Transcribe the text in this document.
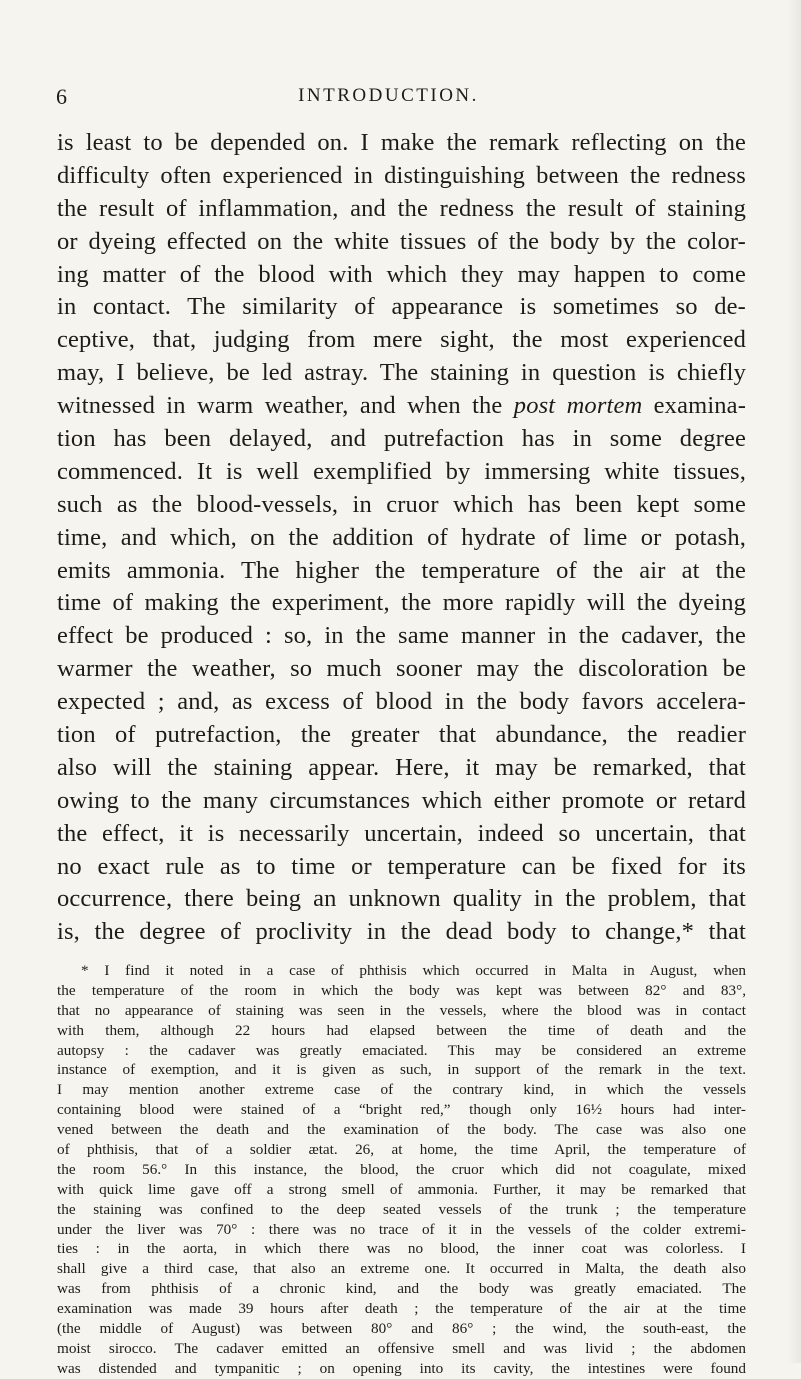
6	INTRODUCTION.
is least to be depended on. I make the remark reflecting on the
difficulty often experienced in distinguishing between the redness
the result of inflammation, and the redness the result of staining
or dyeing effected on the white tissues of the body by the color-
ing matter of the blood with which they may happen to come
in contact. The similarity of appearance is sometimes so de-
ceptive, that, judging from mere sight, the most experienced
may, I believe, be led astray. The staining in question is chiefly
witnessed in warm weather, and when the post mortem examina-
tion has been delayed, and putrefaction has in some degree
commenced. It is well exemplified by immersing white tissues,
such as the blood-vessels, in cruor which has been kept some
time, and which, on the addition of hydrate of lime or potash,
emits ammonia. The higher the temperature of the air at the
time of making the experiment, the more rapidly will the dyeing
effect be produced : so, in the same manner in the cadaver, the
warmer the weather, so much sooner may the discoloration be
expected ; and, as excess of blood in the body favors accelera-
tion of putrefaction, the greater that abundance, the readier
also will the staining appear. Here, it may be remarked, that
owing to the many circumstances which either promote or retard
the effect, it is necessarily uncertain, indeed so uncertain, that
no exact rule as to time or temperature can be fixed for its
occurrence, there being an unknown quality in the problem, that
is, the degree of proclivity in the dead body to change,* that
* I find it noted in a case of phthisis which occurred in Malta in August, when
the temperature of the room in which the body was kept was between 82° and 83°,
that no appearance of staining was seen in the vessels, where the blood was in contact
with them, although 22 hours had elapsed between the time of death and the
autopsy : the cadaver was greatly emaciated. This may be considered an extreme
instance of exemption, and it is given as such, in support of the remark in the text.
I may mention another extreme case of the contrary kind, in which the vessels
containing blood were stained of a “bright red,” though only 16½ hours had inter-
vened between the death and the examination of the body. The case was also one
of phthisis, that of a soldier ætat. 26, at home, the time April, the temperature of
the room 56.° In this instance, the blood, the cruor which did not coagulate, mixed
with quick lime gave off a strong smell of ammonia. Further, it may be remarked that
the staining was confined to the deep seated vessels of the trunk ; the temperature
under the liver was 70° : there was no trace of it in the vessels of the colder extremi-
ties : in the aorta, in which there was no blood, the inner coat was colorless. I
shall give a third case, that also an extreme one. It occurred in Malta, the death also
was from phthisis of a chronic kind, and the body was greatly emaciated. The
examination was made 39 hours after death ; the temperature of the air at the time
(the middle of August) was between 80° and 86° ; the wind, the south-east, the
moist sirocco. The cadaver emitted an offensive smell and was livid ; the abdomen
was distended and tympanitic ; on opening into its cavity, the intestines were found
